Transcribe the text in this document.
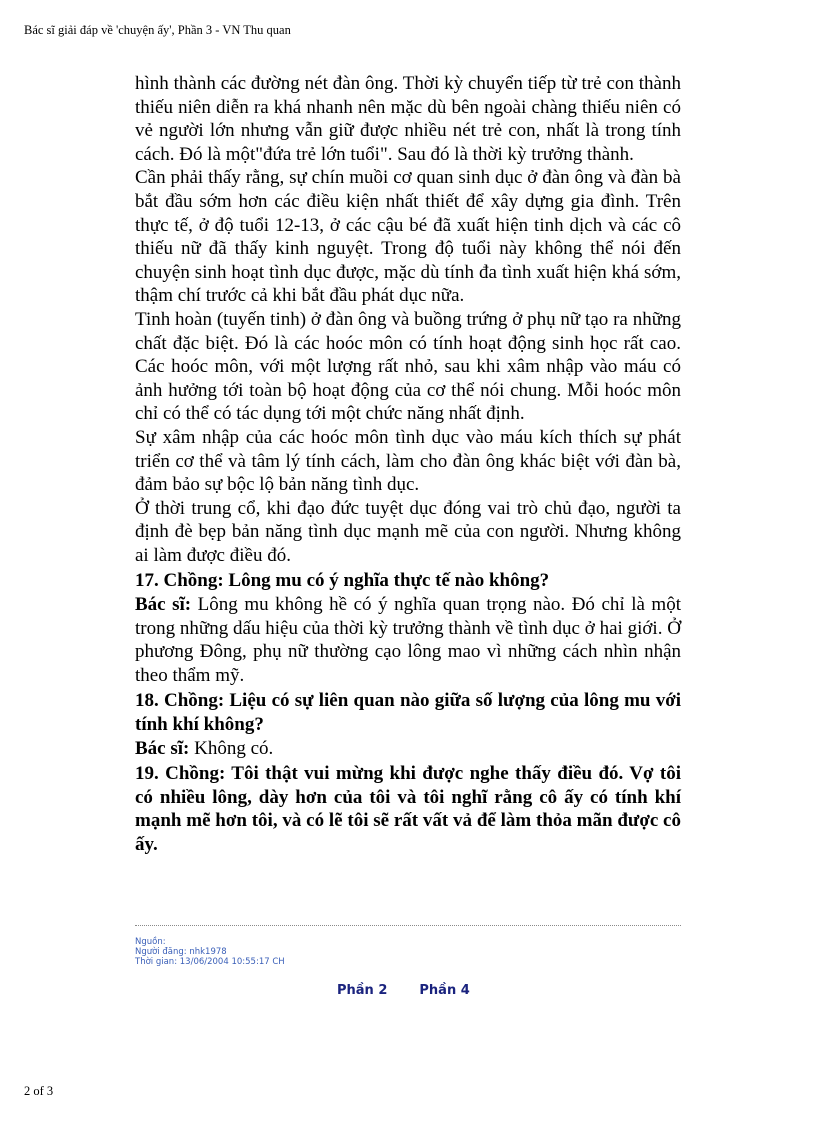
Bác sĩ giải đáp về 'chuyện ấy', Phần 3 - VN Thu quan

hình thành các đường nét đàn ông. Thời kỳ chuyển tiếp từ trẻ con thành thiếu niên diễn ra khá nhanh nên mặc dù bên ngoài chàng thiếu niên có vẻ người lớn nhưng vẫn giữ được nhiều nét trẻ con, nhất là trong tính cách. Đó là một"đứa trẻ lớn tuổi". Sau đó là thời kỳ trưởng thành.

Cần phải thấy rằng, sự chín muồi cơ quan sinh dục ở đàn ông và đàn bà bắt đầu sớm hơn các điều kiện nhất thiết để xây dựng gia đình. Trên thực tế, ở độ tuổi 12-13, ở các cậu bé đã xuất hiện tinh dịch và các cô thiếu nữ đã thấy kinh nguyệt. Trong độ tuổi này không thể nói đến chuyện sinh hoạt tình dục được, mặc dù tính đa tình xuất hiện khá sớm, thậm chí trước cả khi bắt đầu phát dục nữa.

Tinh hoàn (tuyến tinh) ở đàn ông và buồng trứng ở phụ nữ tạo ra những chất đặc biệt. Đó là các hoóc môn có tính hoạt động sinh học rất cao. Các hoóc môn, với một lượng rất nhỏ, sau khi xâm nhập vào máu có ảnh hưởng tới toàn bộ hoạt động của cơ thể nói chung. Mỗi hoóc môn chỉ có thể có tác dụng tới một chức năng nhất định.

Sự xâm nhập của các hoóc môn tình dục vào máu kích thích sự phát triển cơ thể và tâm lý tính cách, làm cho đàn ông khác biệt với đàn bà, đảm bảo sự bộc lộ bản năng tình dục.

Ở thời trung cổ, khi đạo đức tuyệt dục đóng vai trò chủ đạo, người ta định đè bẹp bản năng tình dục mạnh mẽ của con người. Nhưng không ai làm được điều đó.

17. Chồng: Lông mu có ý nghĩa thực tế nào không?

Bác sĩ: Lông mu không hề có ý nghĩa quan trọng nào. Đó chỉ là một trong những dấu hiệu của thời kỳ trưởng thành về tình dục ở hai giới. Ở phương Đông, phụ nữ thường cạo lông mao vì những cách nhìn nhận theo thẩm mỹ.

18. Chồng: Liệu có sự liên quan nào giữa số lượng của lông mu với tính khí không?

Bác sĩ: Không có.

19. Chồng: Tôi thật vui mừng khi được nghe thấy điều đó. Vợ tôi có nhiều lông, dày hơn của tôi và tôi nghĩ rằng cô ấy có tính khí mạnh mẽ hơn tôi, và có lẽ tôi sẽ rất vất vả để làm thỏa mãn được cô ấy.

Nguồn:
Người đăng: nhk1978
Thời gian: 13/06/2004 10:55:17 CH
Phần 2 Phần 4
2 of 3
